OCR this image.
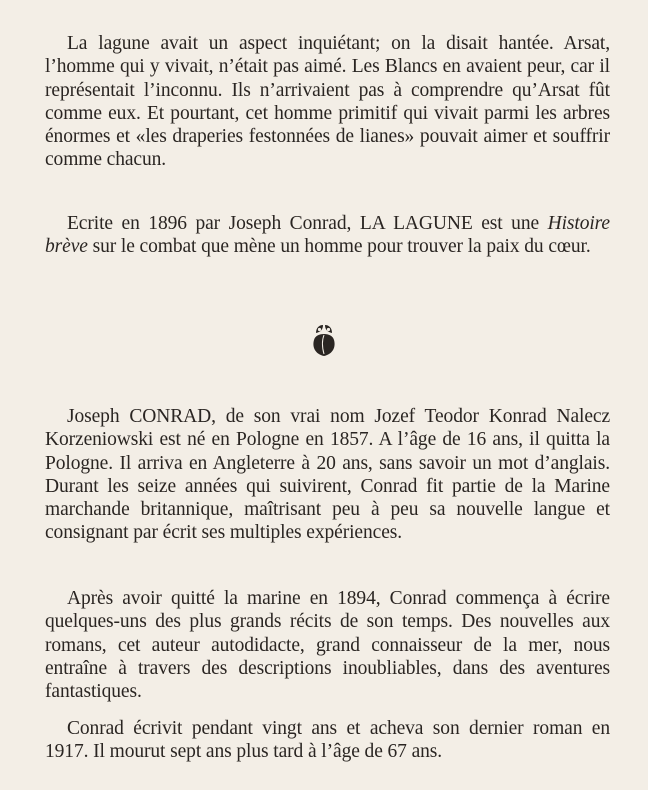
La lagune avait un aspect inquiétant; on la disait hantée. Arsat, l’homme qui y vivait, n’était pas aimé. Les Blancs en avaient peur, car il représentait l’inconnu. Ils n’arrivaient pas à comprendre qu’Arsat fût comme eux. Et pourtant, cet homme primitif qui vivait parmi les arbres énormes et «les draperies festonnées de lianes» pouvait aimer et souffrir comme chacun.

Ecrite en 1896 par Joseph Conrad, LA LAGUNE est une Histoire brève sur le combat que mène un homme pour trouver la paix du cœur.

Joseph CONRAD, de son vrai nom Jozef Teodor Konrad Nalecz Korzeniowski est né en Pologne en 1857. A l’âge de 16 ans, il quitta la Pologne. Il arriva en Angleterre à 20 ans, sans savoir un mot d’anglais. Durant les seize années qui suivirent, Conrad fit partie de la Marine marchande britannique, maîtrisant peu à peu sa nouvelle langue et consignant par écrit ses multiples expériences.

Après avoir quitté la marine en 1894, Conrad commença à écrire quelques-uns des plus grands récits de son temps. Des nouvelles aux romans, cet auteur autodidacte, grand connaisseur de la mer, nous entraîne à travers des descriptions inoubliables, dans des aventures fantastiques.

Conrad écrivit pendant vingt ans et acheva son dernier roman en 1917. Il mourut sept ans plus tard à l’âge de 67 ans.
